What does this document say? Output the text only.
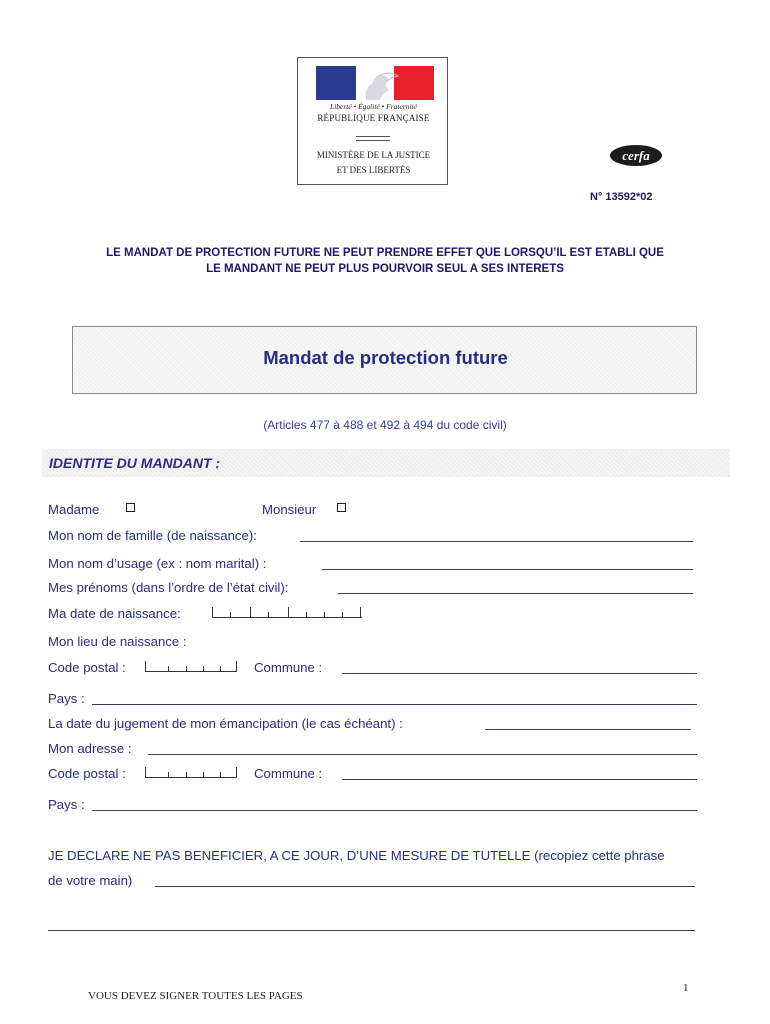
Liberté • Égalité • Fraternité
RÉPUBLIQUE FRANÇAISE
MINISTÈRE DE LA JUSTICE
ET DES LIBERTÉS
cerfa
N° 13592*02
LE MANDAT DE PROTECTION FUTURE NE PEUT PRENDRE EFFET QUE LORSQU’IL EST ETABLI QUE
LE MANDANT NE PEUT PLUS POURVOIR SEUL A SES INTERETS
Mandat de protection future
(Articles 477 à 488 et 492 à 494 du code civil)
IDENTITE DU MANDANT :
Madame	Monsieur
Mon nom de famille (de naissance):
Mon nom d’usage (ex : nom marital) :
Mes prénoms (dans l’ordre de l’état civil):
Ma date de naissance:
Mon lieu de naissance :
Code postal :	Commune :
Pays :
La date du jugement de mon émancipation (le cas échéant) :
Mon adresse :
Code postal :	Commune :
Pays :
JE DECLARE NE PAS BENEFICIER, A CE JOUR, D’UNE MESURE DE TUTELLE (recopiez cette phrase
de votre main)
1
VOUS DEVEZ SIGNER TOUTES LES PAGES
